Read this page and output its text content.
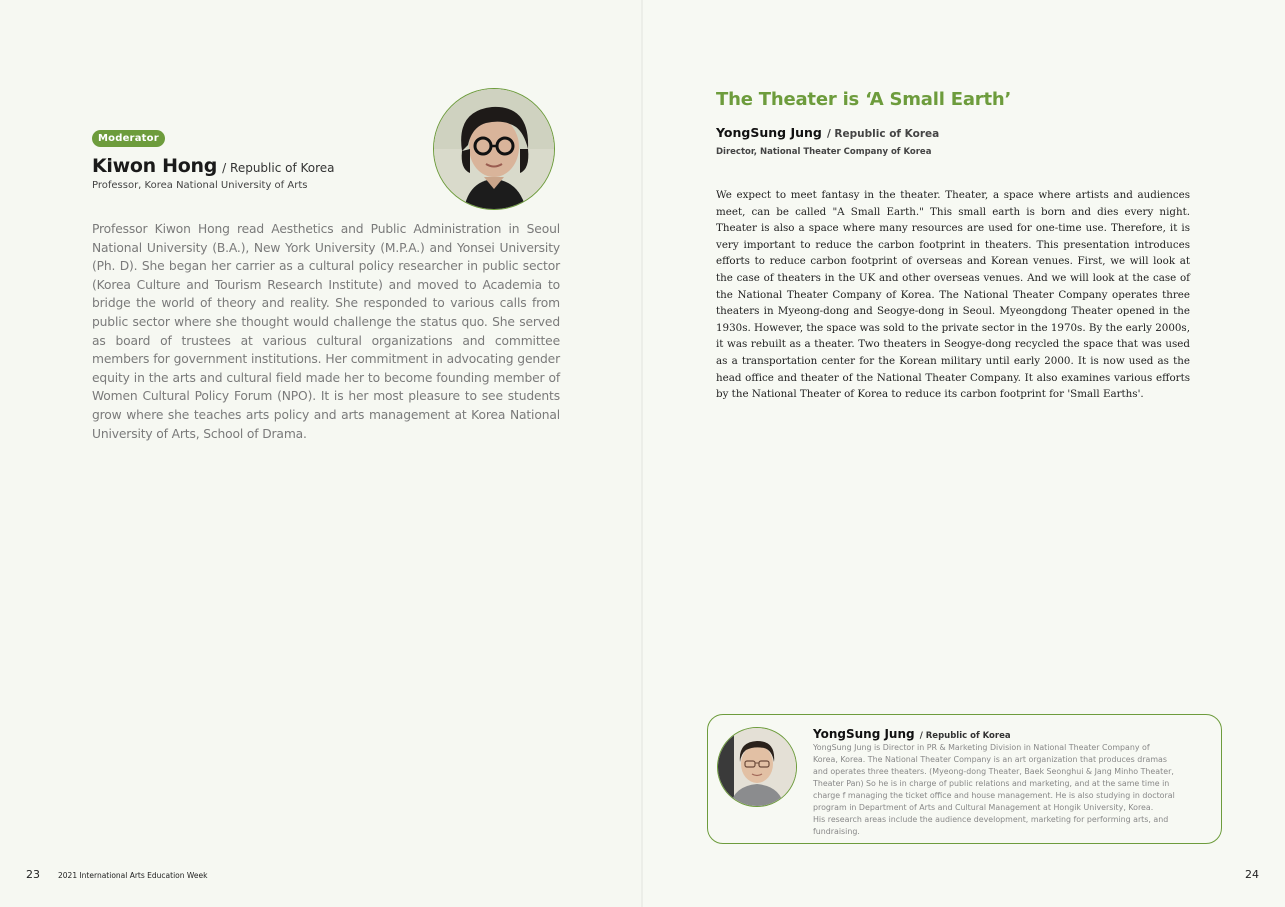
Moderator
Kiwon Hong / Republic of Korea
Professor, Korea National University of Arts
Professor Kiwon Hong read Aesthetics and Public Administration in Seoul National University (B.A.), New York University (M.P.A.) and Yonsei University (Ph. D). She began her carrier as a cultural policy researcher in public sector (Korea Culture and Tourism Research Institute) and moved to Academia to bridge the world of theory and reality. She responded to various calls from public sector where she thought would challenge the status quo. She served as board of trustees at various cultural organizations and committee members for government institutions. Her commitment in advocating gender equity in the arts and cultural field made her to become founding member of Women Cultural Policy Forum (NPO). It is her most pleasure to see students grow where she teaches arts policy and arts management at Korea National University of Arts, School of Drama.
23 2021 International Arts Education Week
The Theater is ‘A Small Earth’
YongSung Jung / Republic of Korea
Director, National Theater Company of Korea
We expect to meet fantasy in the theater. Theater, a space where artists and audiences meet, can be called "A Small Earth." This small earth is born and dies every night. Theater is also a space where many resources are used for one-time use. Therefore, it is very important to reduce the carbon footprint in theaters. This presentation introduces efforts to reduce carbon footprint of overseas and Korean venues. First, we will look at the case of theaters in the UK and other overseas venues. And we will look at the case of the National Theater Company of Korea. The National Theater Company operates three theaters in Myeong-dong and Seogye-dong in Seoul. Myeongdong Theater opened in the 1930s. However, the space was sold to the private sector in the 1970s. By the early 2000s, it was rebuilt as a theater. Two theaters in Seogye-dong recycled the space that was used as a transportation center for the Korean military until early 2000. It is now used as the head office and theater of the National Theater Company. It also examines various efforts by the National Theater of Korea to reduce its carbon footprint for 'Small Earths'.
YongSung Jung / Republic of Korea
YongSung Jung is Director in PR & Marketing Division in National Theater Company of
Korea, Korea. The National Theater Company is an art organization that produces dramas
and operates three theaters. (Myeong-dong Theater, Baek Seonghui & Jang Minho Theater,
Theater Pan) So he is in charge of public relations and marketing, and at the same time in
charge f managing the ticket office and house management. He is also studying in doctoral
program in Department of Arts and Cultural Management at Hongik University, Korea.
His research areas include the audience development, marketing for performing arts, and
fundraising.
24
